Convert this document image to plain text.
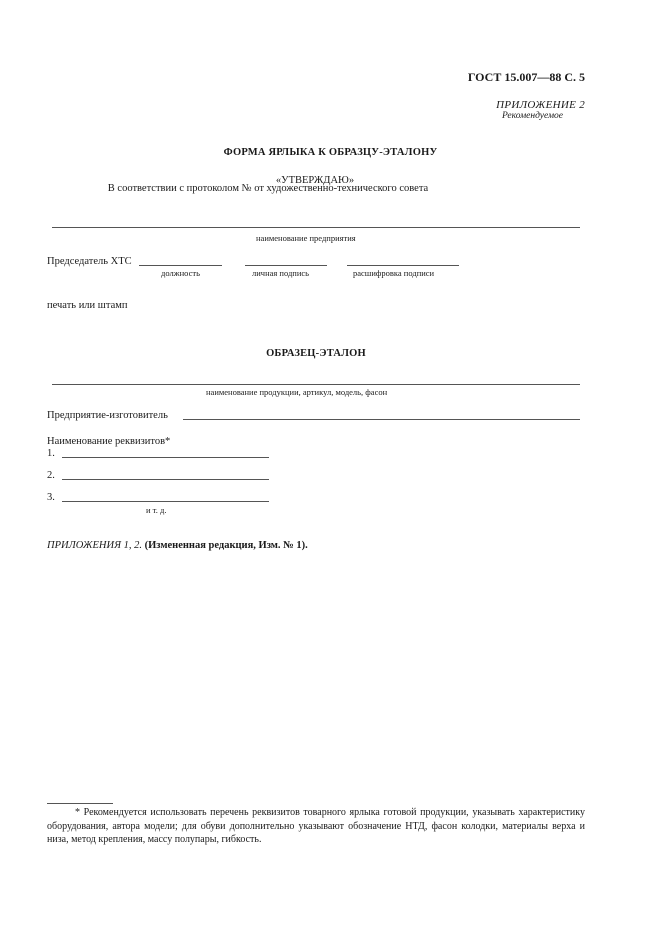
ГОСТ 15.007—88 С. 5
ПРИЛОЖЕНИЕ 2
Рекомендуемое
ФОРМА ЯРЛЫКА К ОБРАЗЦУ-ЭТАЛОНУ
«УТВЕРЖДАЮ»
В соответствии с протоколом № от художественно-технического совета
наименование предприятия
Председатель ХТС
должность	личная подпись	расшифровка подписи
печать или штамп
ОБРАЗЕЦ-ЭТАЛОН
наименование продукции, артикул, модель, фасон
Предприятие-изготовитель
Наименование реквизитов*
1.
2.
3.
и т. д.
ПРИЛОЖЕНИЯ 1, 2. (Измененная редакция, Изм. № 1).
* Рекомендуется использовать перечень реквизитов товарного ярлыка готовой продукции, указывать характеристику оборудования, автора модели; для обуви дополнительно указывают обозначение НТД, фасон колодки, материалы верха и низа, метод крепления, массу полупары, гибкость.
